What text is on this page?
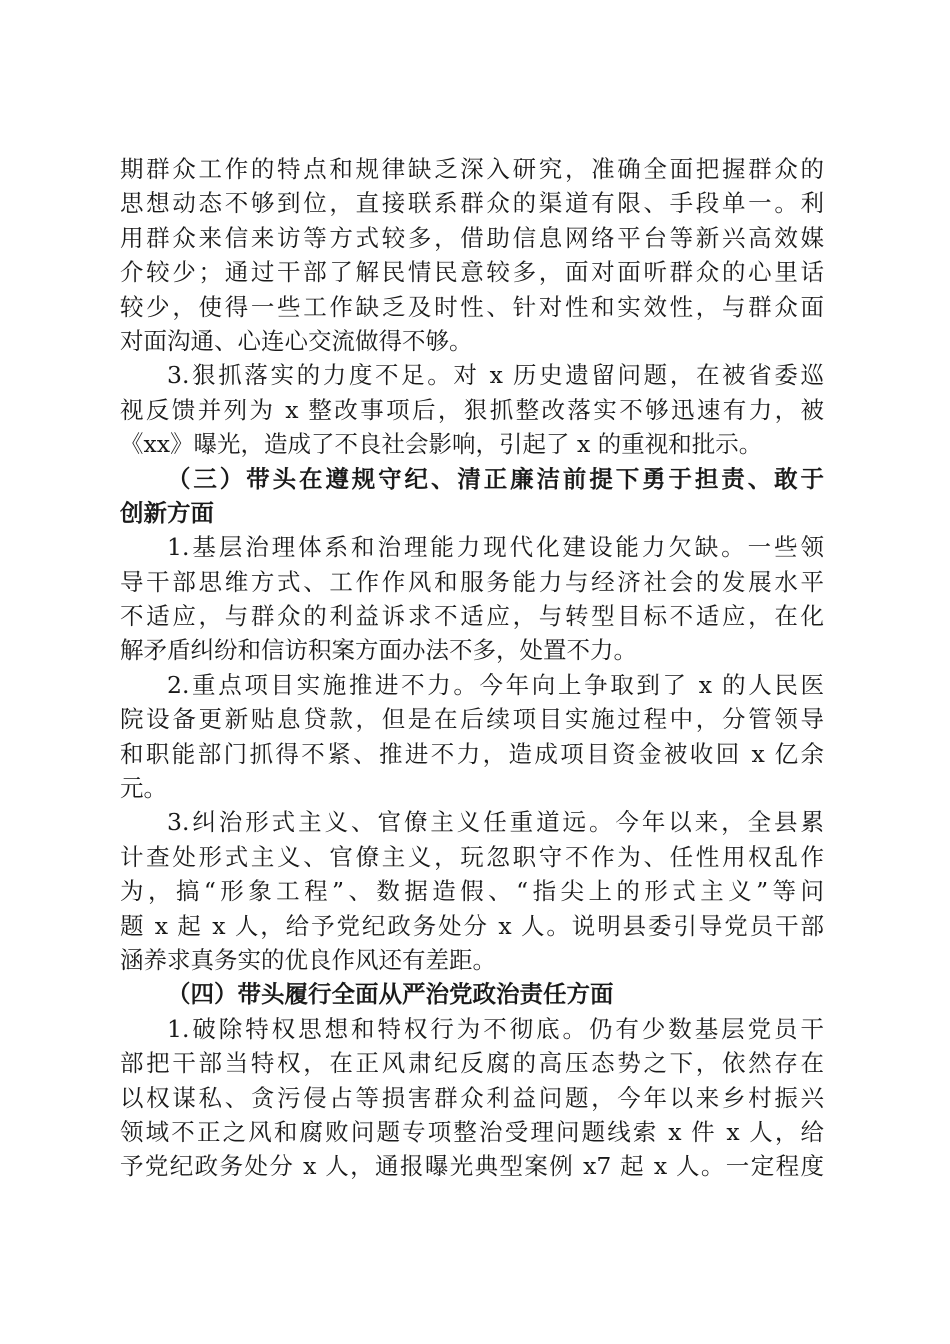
期群众工作的特点和规律缺乏深入研究，准确全面把握群众的
思想动态不够到位，直接联系群众的渠道有限、手段单一。利
用群众来信来访等方式较多，借助信息网络平台等新兴高效媒
介较少；通过干部了解民情民意较多，面对面听群众的心里话
较少，使得一些工作缺乏及时性、针对性和实效性，与群众面
对面沟通、心连心交流做得不够。
3.狠抓落实的力度不足。对 x 历史遗留问题，在被省委巡
视反馈并列为 x 整改事项后，狠抓整改落实不够迅速有力，被
《xx》曝光，造成了不良社会影响，引起了 x 的重视和批示。
（三）带头在遵规守纪、清正廉洁前提下勇于担责、敢于
创新方面
1.基层治理体系和治理能力现代化建设能力欠缺。一些领
导干部思维方式、工作作风和服务能力与经济社会的发展水平
不适应，与群众的利益诉求不适应，与转型目标不适应，在化
解矛盾纠纷和信访积案方面办法不多，处置不力。
2.重点项目实施推进不力。今年向上争取到了 x 的人民医
院设备更新贴息贷款，但是在后续项目实施过程中，分管领导
和职能部门抓得不紧、推进不力，造成项目资金被收回 x 亿余
元。
3.纠治形式主义、官僚主义任重道远。今年以来，全县累
计查处形式主义、官僚主义，玩忽职守不作为、任性用权乱作
为，搞“形象工程”、数据造假、“指尖上的形式主义”等问
题 x 起 x 人，给予党纪政务处分 x 人。说明县委引导党员干部
涵养求真务实的优良作风还有差距。
（四）带头履行全面从严治党政治责任方面
1.破除特权思想和特权行为不彻底。仍有少数基层党员干
部把干部当特权，在正风肃纪反腐的高压态势之下，依然存在
以权谋私、贪污侵占等损害群众利益问题，今年以来乡村振兴
领域不正之风和腐败问题专项整治受理问题线索 x 件 x 人，给
予党纪政务处分 x 人，通报曝光典型案例 x7 起 x 人。一定程度
